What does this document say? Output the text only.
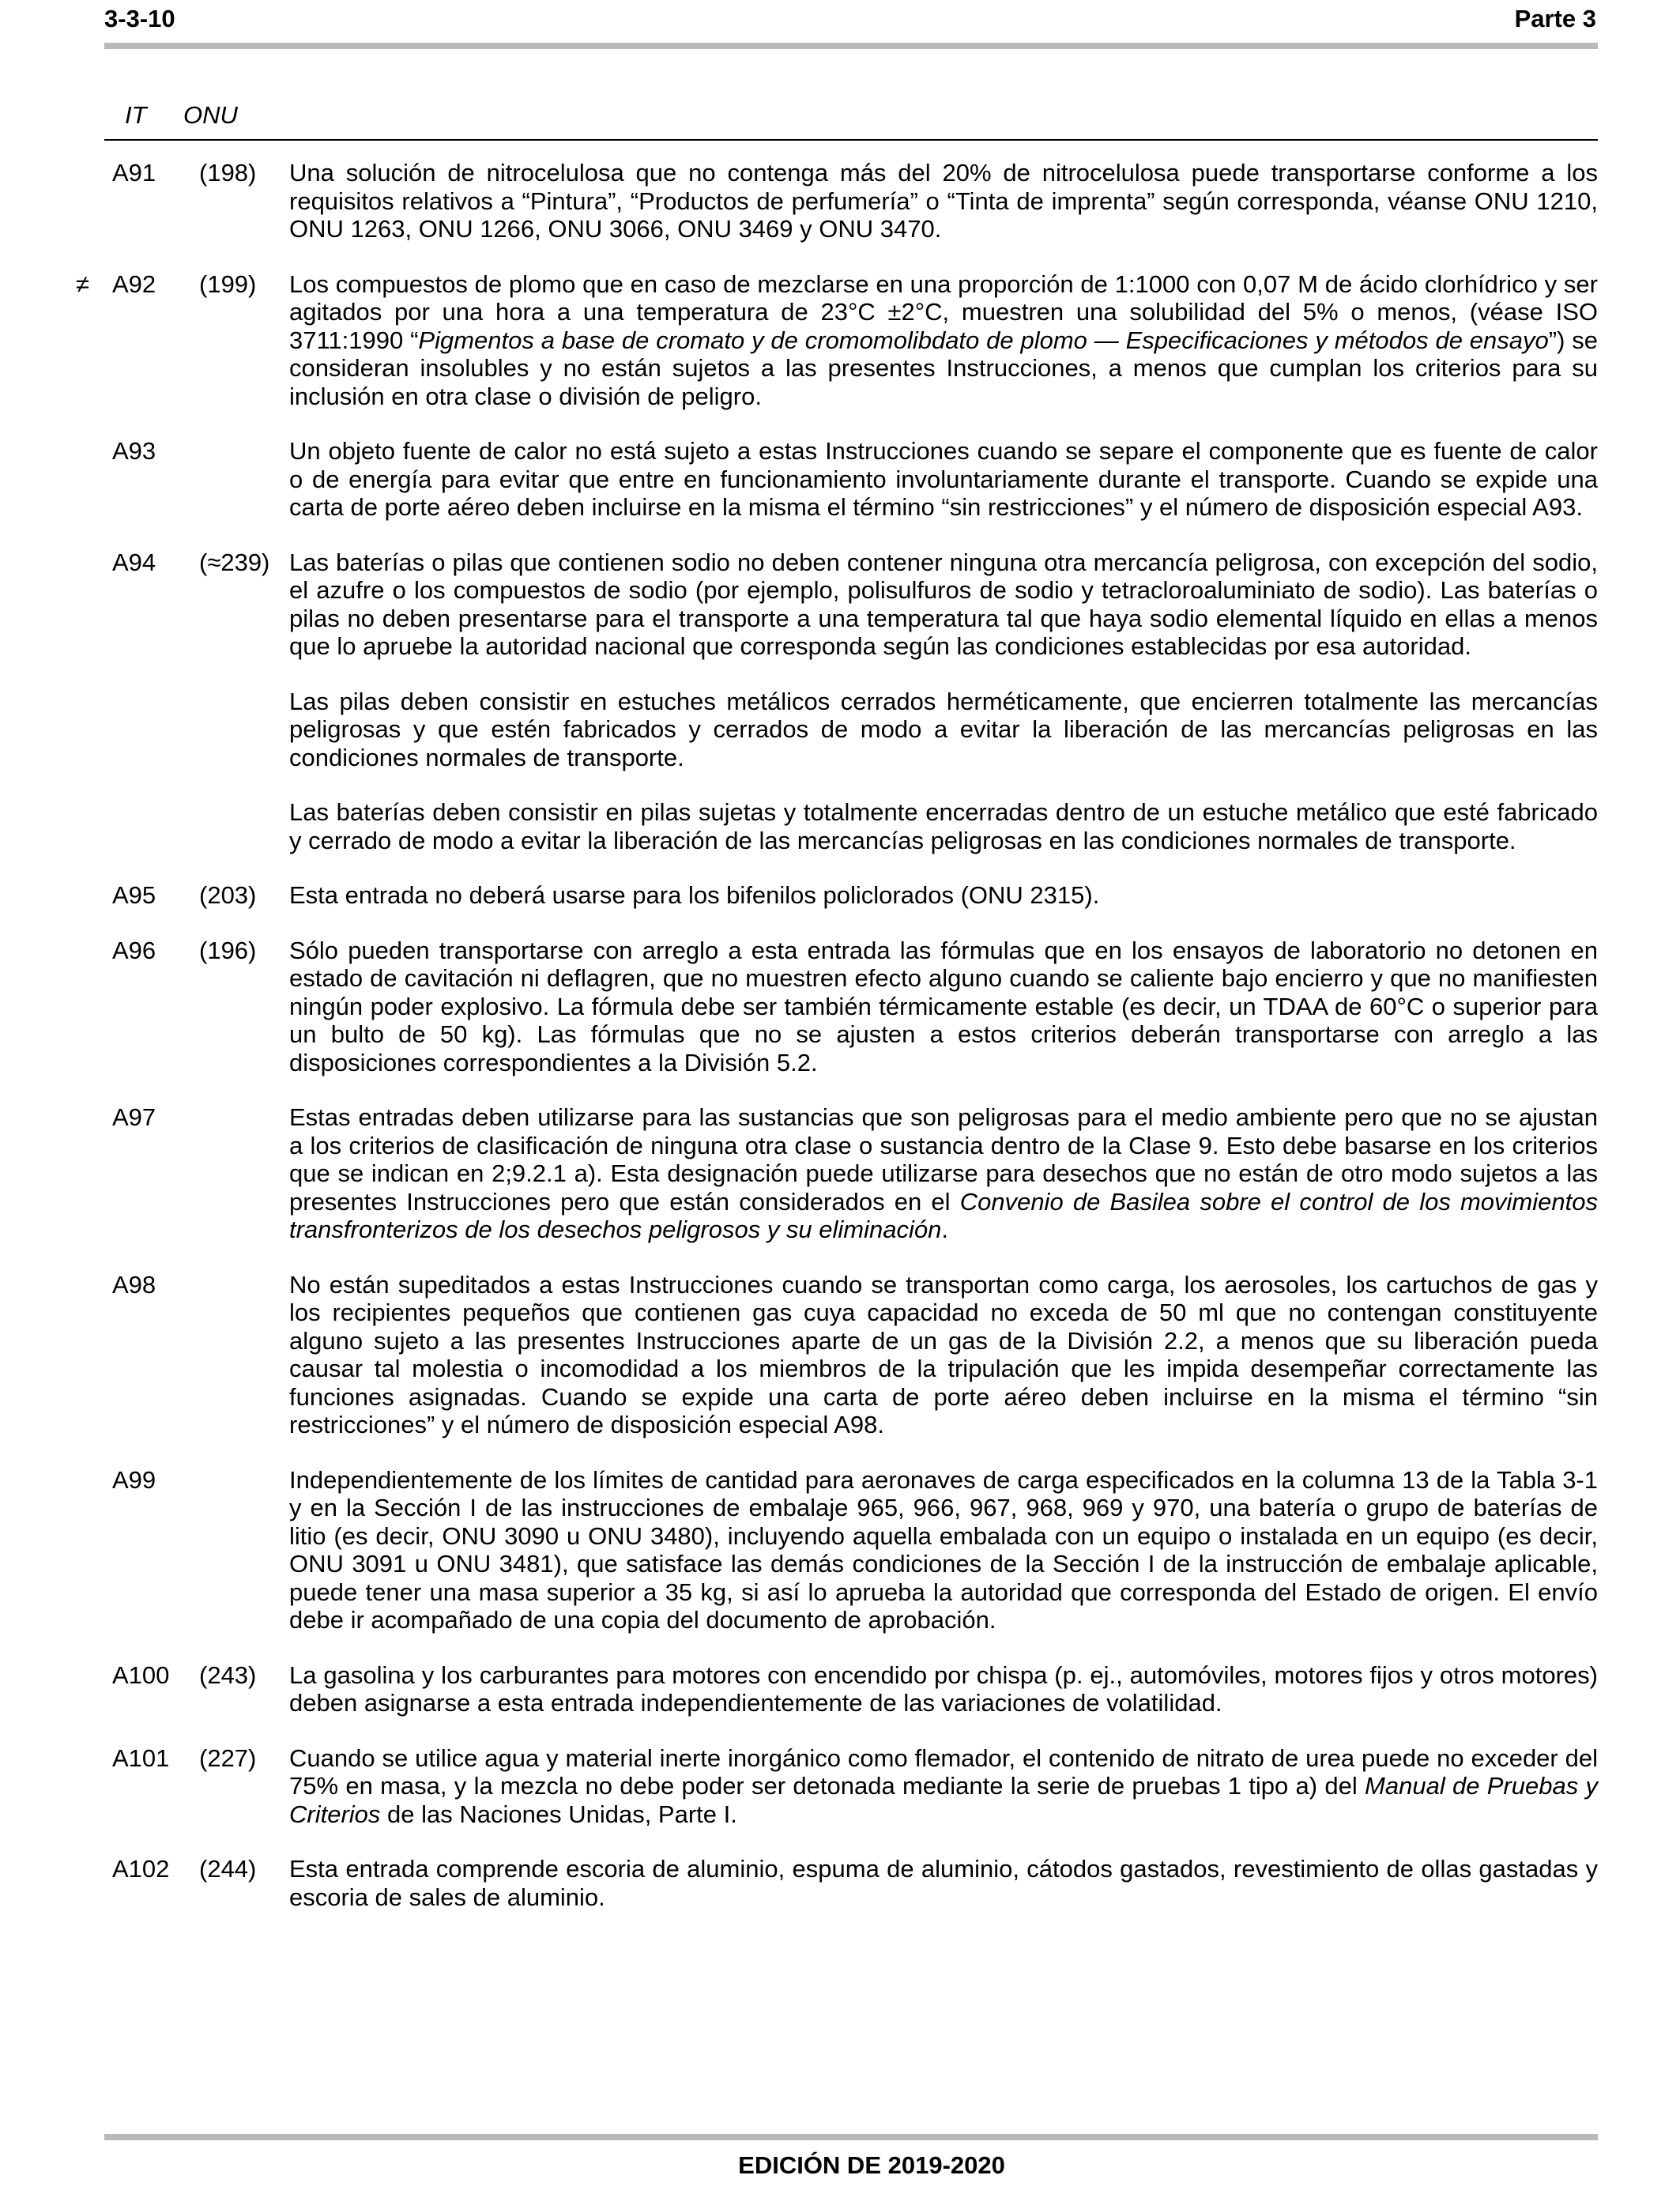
3-3-10	Parte 3
IT ONU
A91 (198) Una solución de nitrocelulosa que no contenga más del 20% de nitrocelulosa puede transportarse conforme a los requisitos relativos a “Pintura”, “Productos de perfumería” o “Tinta de imprenta” según corresponda, véanse ONU 1210, ONU 1263, ONU 1266, ONU 3066, ONU 3469 y ONU 3470.

≠ A92 (199) Los compuestos de plomo que en caso de mezclarse en una proporción de 1:1000 con 0,07 M de ácido clorhídrico y ser agitados por una hora a una temperatura de 23°C ±2°C, muestren una solubilidad del 5% o menos, (véase ISO 3711:1990 “Pigmentos a base de cromato y de cromomolibdato de plomo — Especificaciones y métodos de ensayo”) se consideran insolubles y no están sujetos a las presentes Instrucciones, a menos que cumplan los criterios para su inclusión en otra clase o división de peligro.

A93	Un objeto fuente de calor no está sujeto a estas Instrucciones cuando se separe el componente que es fuente de calor o de energía para evitar que entre en funcionamiento involuntariamente durante el transporte. Cuando se expide una carta de porte aéreo deben incluirse en la misma el término “sin restricciones” y el número de disposición especial A93.

A94 (≈239) Las baterías o pilas que contienen sodio no deben contener ninguna otra mercancía peligrosa, con excepción del sodio, el azufre o los compuestos de sodio (por ejemplo, polisulfuros de sodio y tetracloroaluminiato de sodio). Las baterías o pilas no deben presentarse para el transporte a una temperatura tal que haya sodio elemental líquido en ellas a menos que lo apruebe la autoridad nacional que corresponda según las condiciones establecidas por esa autoridad.

Las pilas deben consistir en estuches metálicos cerrados herméticamente, que encierren totalmente las mercancías peligrosas y que estén fabricados y cerrados de modo a evitar la liberación de las mercancías peligrosas en las condiciones normales de transporte.

Las baterías deben consistir en pilas sujetas y totalmente encerradas dentro de un estuche metálico que esté fabricado y cerrado de modo a evitar la liberación de las mercancías peligrosas en las condiciones normales de transporte.

A95 (203) Esta entrada no deberá usarse para los bifenilos policlorados (ONU 2315).

A96 (196) Sólo pueden transportarse con arreglo a esta entrada las fórmulas que en los ensayos de laboratorio no detonen en estado de cavitación ni deflagren, que no muestren efecto alguno cuando se caliente bajo encierro y que no manifiesten ningún poder explosivo. La fórmula debe ser también térmicamente estable (es decir, un TDAA de 60°C o superior para un bulto de 50 kg). Las fórmulas que no se ajusten a estos criterios deberán transportarse con arreglo a las disposiciones correspondientes a la División 5.2.

A97	Estas entradas deben utilizarse para las sustancias que son peligrosas para el medio ambiente pero que no se ajustan a los criterios de clasificación de ninguna otra clase o sustancia dentro de la Clase 9. Esto debe basarse en los criterios que se indican en 2;9.2.1 a). Esta designación puede utilizarse para desechos que no están de otro modo sujetos a las presentes Instrucciones pero que están considerados en el Convenio de Basilea sobre el control de los movimientos transfronterizos de los desechos peligrosos y su eliminación.

A98	No están supeditados a estas Instrucciones cuando se transportan como carga, los aerosoles, los cartuchos de gas y los recipientes pequeños que contienen gas cuya capacidad no exceda de 50 ml que no contengan constituyente alguno sujeto a las presentes Instrucciones aparte de un gas de la División 2.2, a menos que su liberación pueda causar tal molestia o incomodidad a los miembros de la tripulación que les impida desempeñar correctamente las funciones asignadas. Cuando se expide una carta de porte aéreo deben incluirse en la misma el término “sin restricciones” y el número de disposición especial A98.

A99	Independientemente de los límites de cantidad para aeronaves de carga especificados en la columna 13 de la Tabla 3-1 y en la Sección I de las instrucciones de embalaje 965, 966, 967, 968, 969 y 970, una batería o grupo de baterías de litio (es decir, ONU 3090 u ONU 3480), incluyendo aquella embalada con un equipo o instalada en un equipo (es decir, ONU 3091 u ONU 3481), que satisface las demás condiciones de la Sección I de la instrucción de embalaje aplicable, puede tener una masa superior a 35 kg, si así lo aprueba la autoridad que corresponda del Estado de origen. El envío debe ir acompañado de una copia del documento de aprobación.

A100 (243) La gasolina y los carburantes para motores con encendido por chispa (p. ej., automóviles, motores fijos y otros motores) deben asignarse a esta entrada independientemente de las variaciones de volatilidad.

A101 (227) Cuando se utilice agua y material inerte inorgánico como flemador, el contenido de nitrato de urea puede no exceder del 75% en masa, y la mezcla no debe poder ser detonada mediante la serie de pruebas 1 tipo a) del Manual de Pruebas y Criterios de las Naciones Unidas, Parte I.

A102 (244) Esta entrada comprende escoria de aluminio, espuma de aluminio, cátodos gastados, revestimiento de ollas gastadas y escoria de sales de aluminio.

EDICIÓN DE 2019-2020
